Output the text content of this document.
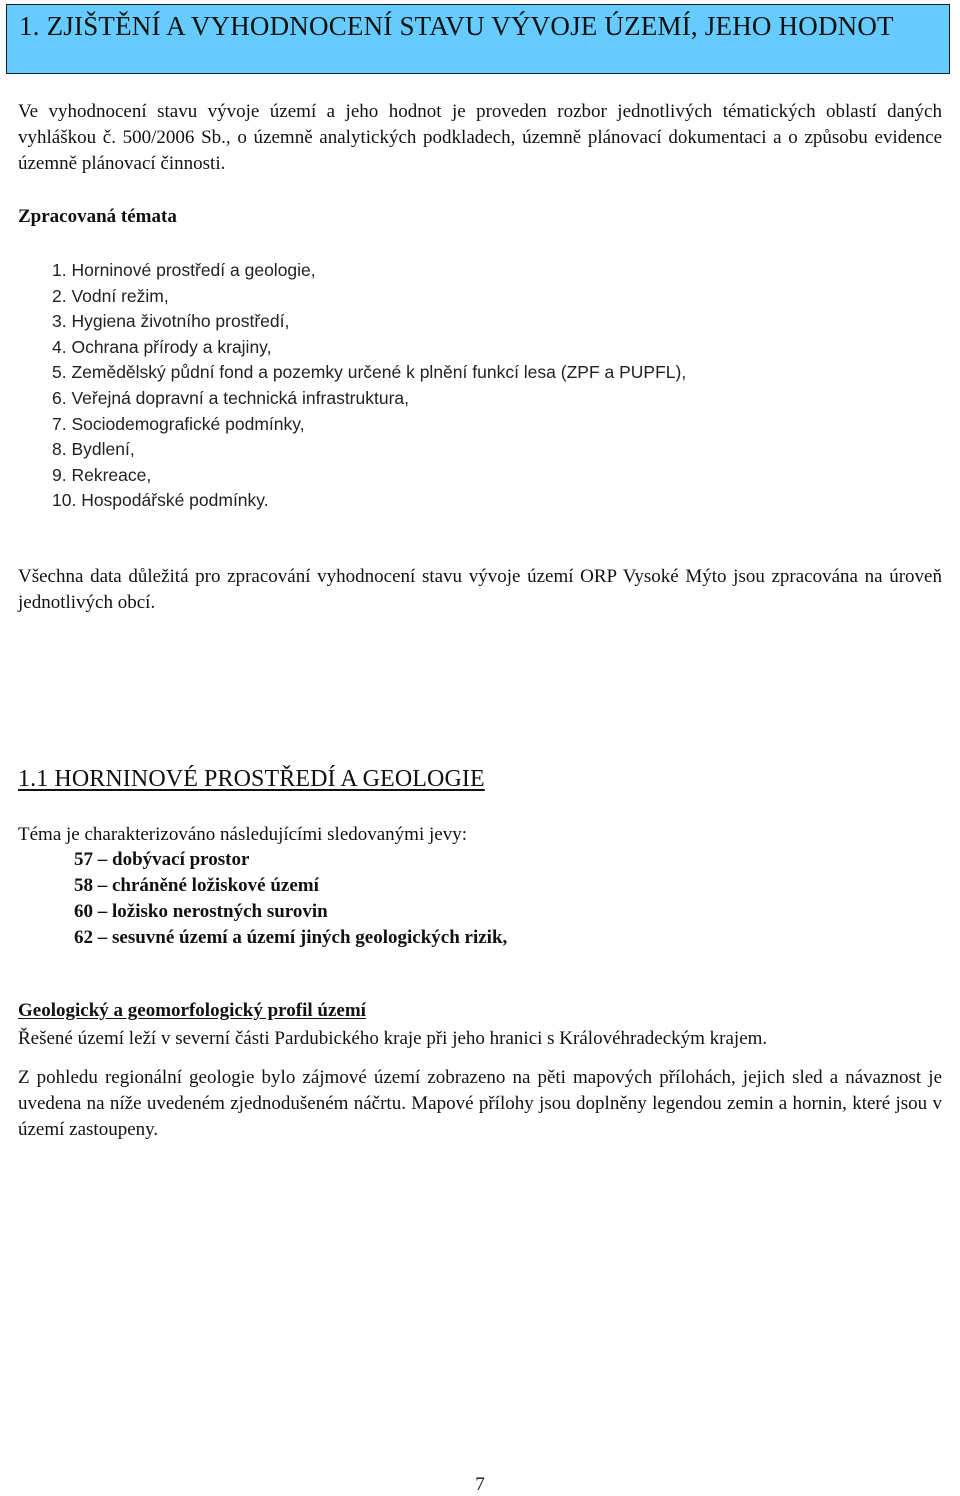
1. ZJIŠTĚNÍ A VYHODNOCENÍ STAVU VÝVOJE ÚZEMÍ, JEHO HODNOT

Ve vyhodnocení stavu vývoje území a jeho hodnot je proveden rozbor jednotlivých tématických oblastí daných vyhláškou č. 500/2006 Sb., o územně analytických podkladech, územně plánovací dokumentaci a o způsobu evidence územně plánovací činnosti.

Zpracovaná témata

1. Horninové prostředí a geologie,
2. Vodní režim,
3. Hygiena životního prostředí,
4. Ochrana přírody a krajiny,
5. Zemědělský půdní fond a pozemky určené k plnění funkcí lesa (ZPF a PUPFL),
6. Veřejná dopravní a technická infrastruktura,
7. Sociodemografické podmínky,
8. Bydlení,
9. Rekreace,
10. Hospodářské podmínky.

Všechna data důležitá pro zpracování vyhodnocení stavu vývoje území ORP Vysoké Mýto jsou zpracována na úroveň jednotlivých obcí.

1.1 HORNINOVÉ PROSTŘEDÍ A GEOLOGIE

Téma je charakterizováno následujícími sledovanými jevy:

57 – dobývací prostor
58 – chráněné ložiskové území
60 – ložisko nerostných surovin
62 – sesuvné území a území jiných geologických rizik,

Geologický a geomorfologický profil území

Řešené území leží v severní části Pardubického kraje při jeho hranici s Královéhradeckým krajem.

Z pohledu regionální geologie bylo zájmové území zobrazeno na pěti mapových přílohách, jejich sled a návaznost je uvedena na níže uvedeném zjednodušeném náčrtu. Mapové přílohy jsou doplněny legendou zemin a hornin, které jsou v území zastoupeny.

7
